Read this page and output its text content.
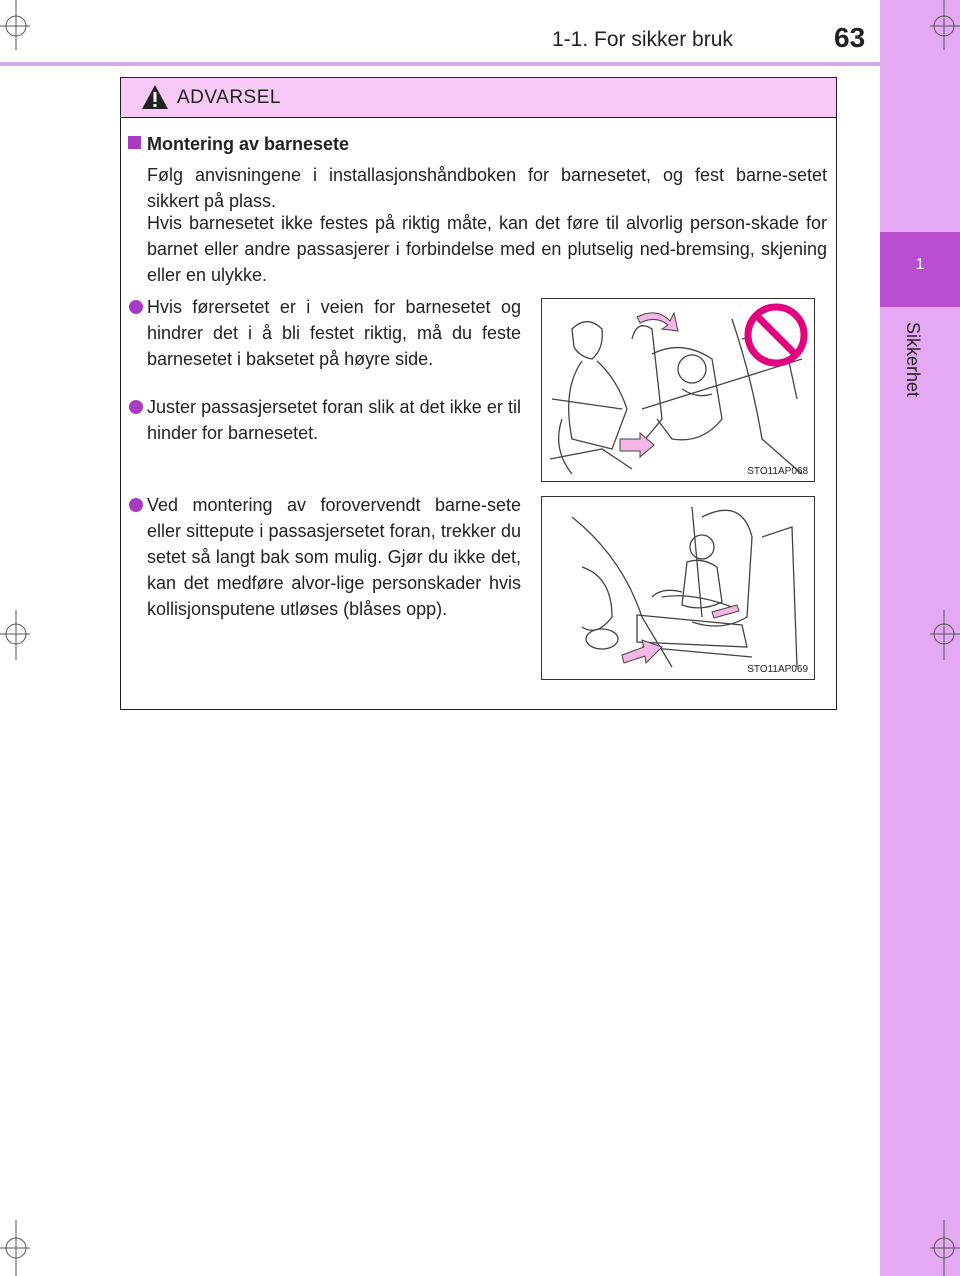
1-1. For sikker bruk	63
1
Sikkerhet
ADVARSEL
Montering av barnesete
Følg anvisningene i installasjonshåndboken for barnesetet, og fest barne-setet sikkert på plass.
Hvis barnesetet ikke festes på riktig måte, kan det føre til alvorlig person-skade for barnet eller andre passasjerer i forbindelse med en plutselig ned-bremsing, skjening eller en ulykke.
Hvis førersetet er i veien for barnesetet og hindrer det i å bli festet riktig, må du feste barnesetet i baksetet på høyre side.
Juster passasjersetet foran slik at det ikke er til hinder for barnesetet.
Ved montering av forovervendt barne-sete eller sittepute i passasjersetet foran, trekker du setet så langt bak som mulig. Gjør du ikke det, kan det medføre alvor-lige personskader hvis kollisjonsputene utløses (blåses opp).
STO11AP068
STO11AP069
